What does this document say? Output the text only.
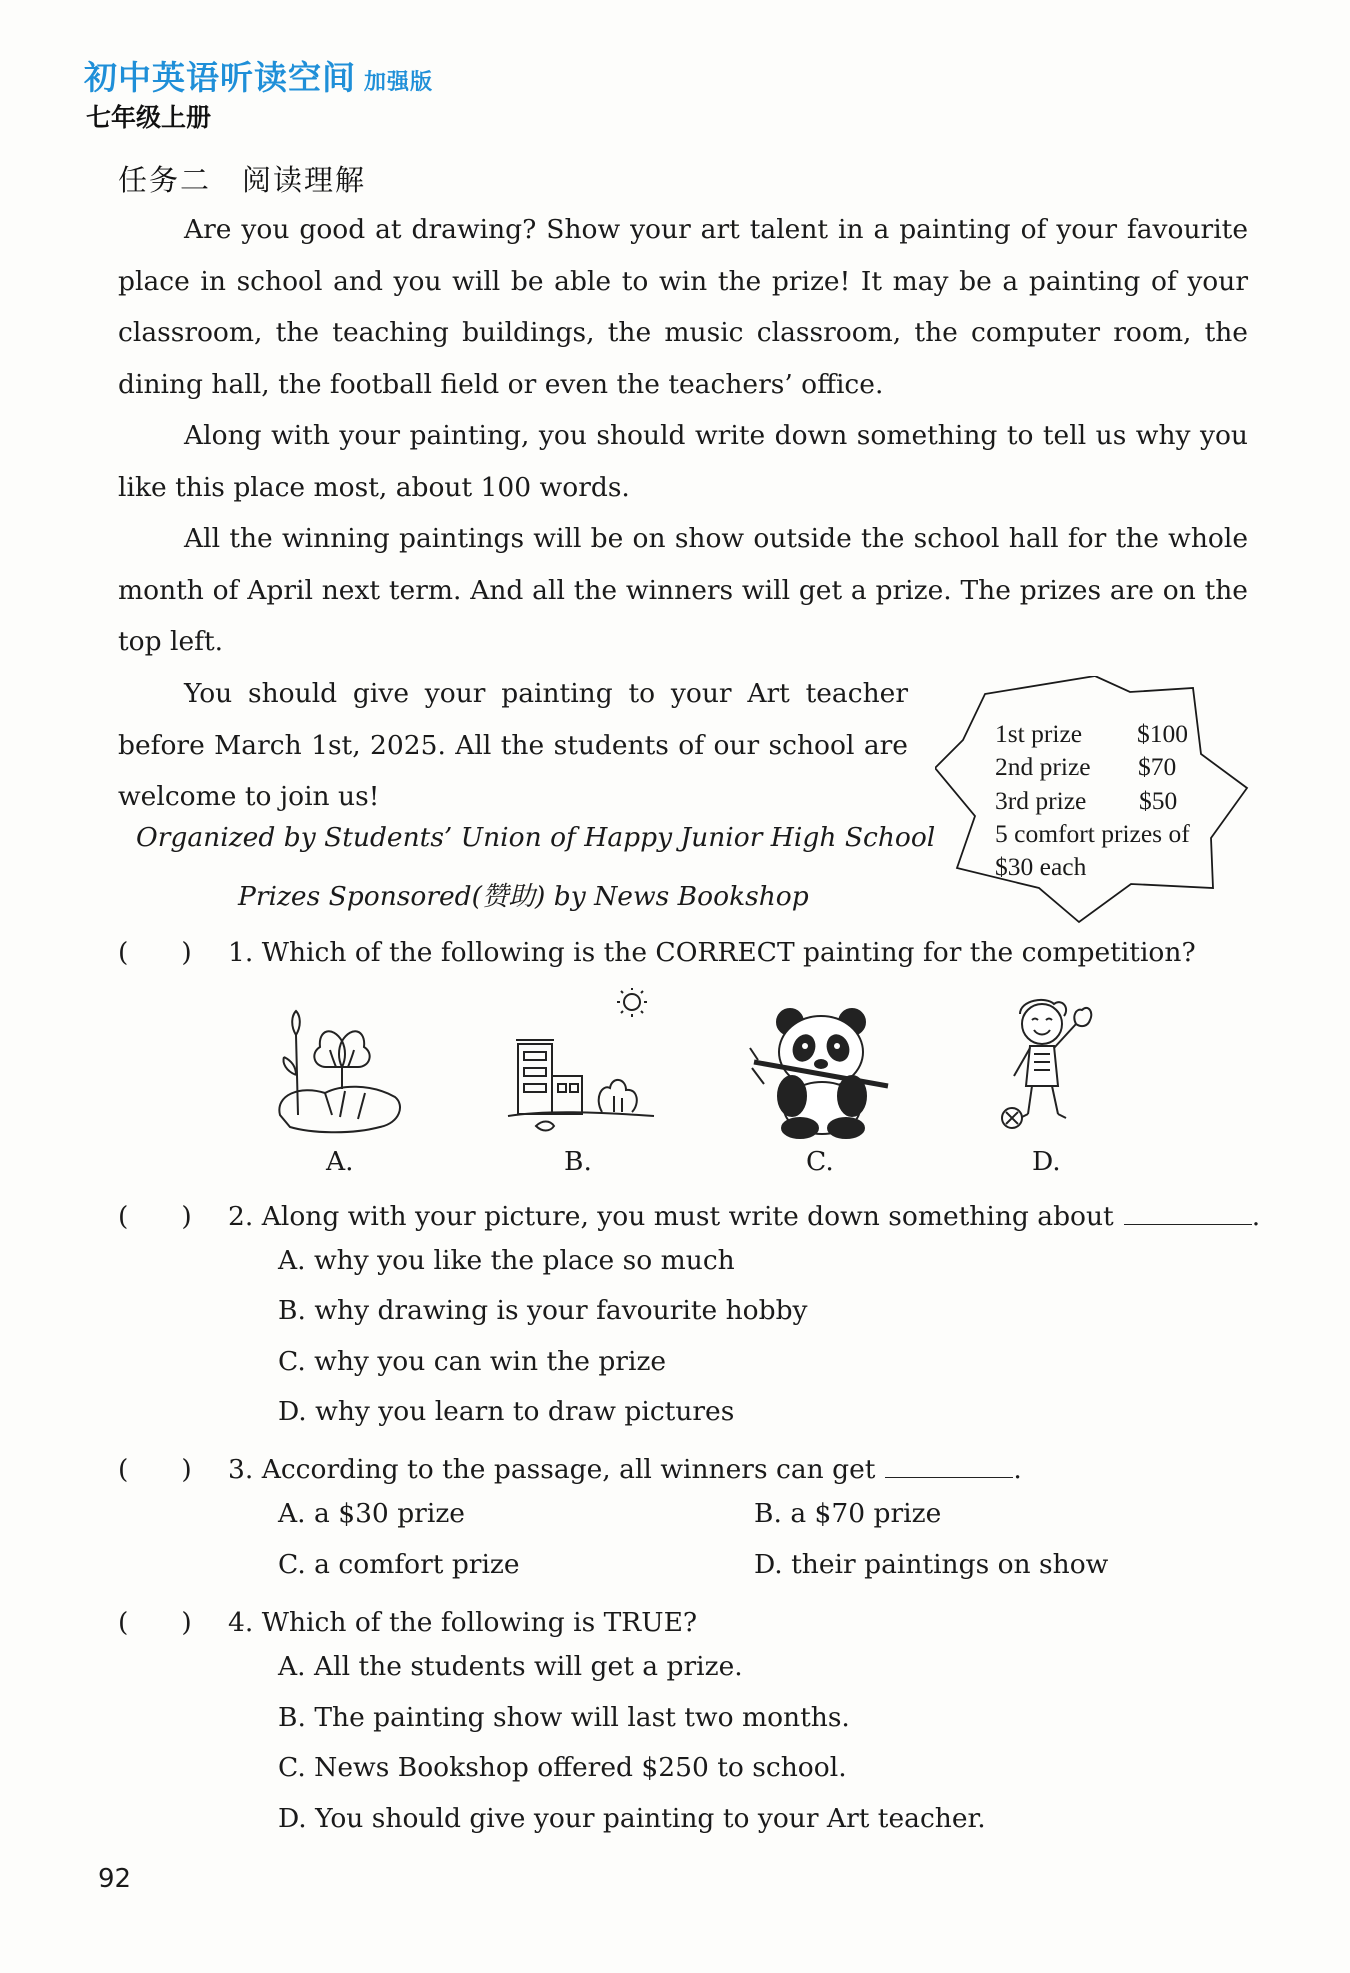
初中英语听读空间 加强版
七年级上册
任务二　阅读理解

Are you good at drawing? Show your art talent in a painting of your favourite place in school and you will be able to win the prize! It may be a painting of your classroom, the teaching buildings, the music classroom, the computer room, the dining hall, the football field or even the teachers’ office.

Along with your painting, you should write down something to tell us why you like this place most, about 100 words.

All the winning paintings will be on show outside the school hall for the whole month of April next term. And all the winners will get a prize. The prizes are on the top left.

You should give your painting to your Art teacher before March 1st, 2025. All the students of our school are welcome to join us!

Organized by Students’ Union of Happy Junior High School
Prizes Sponsored(赞助) by News Bookshop
1st prize $100
2nd prize $70
3rd prize $50
5 comfort prizes of
$30 each
(　　) 1. Which of the following is the CORRECT painting for the competition?
A.	B.	C.	D.
(　　) 2. Along with your picture, you must write down something about	.
A. why you like the place so much
B. why drawing is your favourite hobby
C. why you can win the prize
D. why you learn to draw pictures
(　　) 3. According to the passage, all winners can get	.
A. a $30 prize	B. a $70 prize
C. a comfort prize	D. their paintings on show
(　　) 4. Which of the following is TRUE?
A. All the students will get a prize.
B. The painting show will last two months.
C. News Bookshop offered $250 to school.
D. You should give your painting to your Art teacher.
92
